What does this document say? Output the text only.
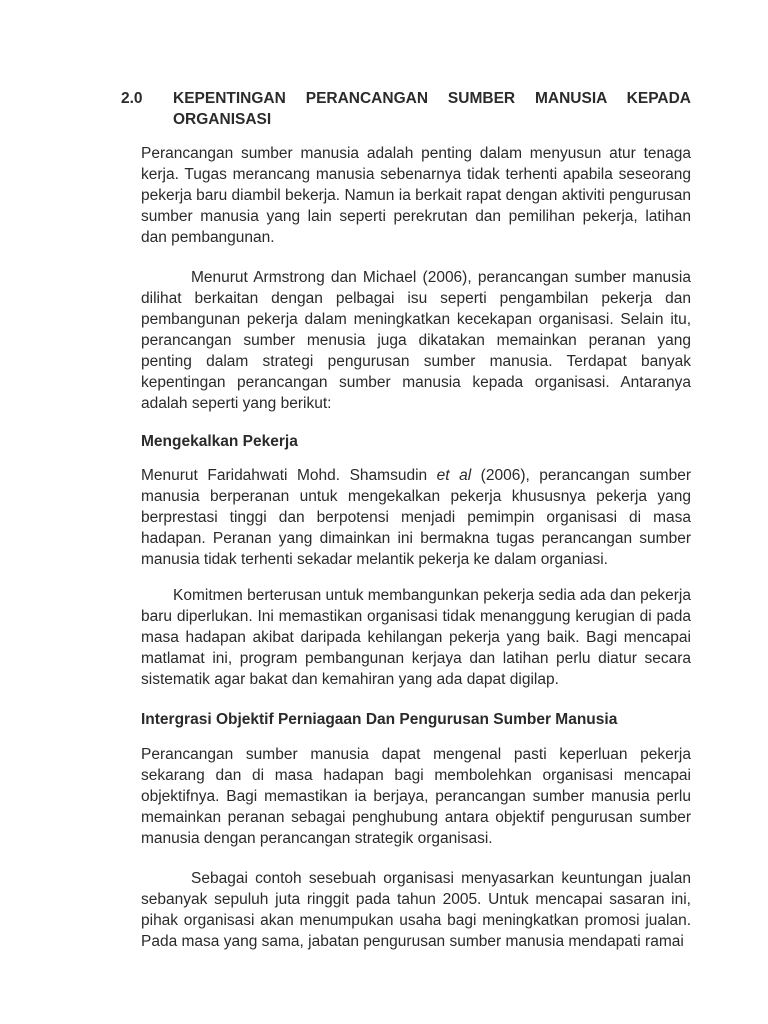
2.0 KEPENTINGAN PERANCANGAN SUMBER MANUSIA KEPADA ORGANISASI

Perancangan sumber manusia adalah penting dalam menyusun atur tenaga kerja. Tugas merancang manusia sebenarnya tidak terhenti apabila seseorang pekerja baru diambil bekerja. Namun ia berkait rapat dengan aktiviti pengurusan sumber manusia yang lain seperti perekrutan dan pemilihan pekerja, latihan dan pembangunan.

Menurut Armstrong dan Michael (2006), perancangan sumber manusia dilihat berkaitan dengan pelbagai isu seperti pengambilan pekerja dan pembangunan pekerja dalam meningkatkan kecekapan organisasi. Selain itu, perancangan sumber menusia juga dikatakan memainkan peranan yang penting dalam strategi pengurusan sumber manusia. Terdapat banyak kepentingan perancangan sumber manusia kepada organisasi. Antaranya adalah seperti yang berikut:

Mengekalkan Pekerja

Menurut Faridahwati Mohd. Shamsudin et al (2006), perancangan sumber manusia berperanan untuk mengekalkan pekerja khususnya pekerja yang berprestasi tinggi dan berpotensi menjadi pemimpin organisasi di masa hadapan. Peranan yang dimainkan ini bermakna tugas perancangan sumber manusia tidak terhenti sekadar melantik pekerja ke dalam organiasi.

Komitmen berterusan untuk membangunkan pekerja sedia ada dan pekerja baru diperlukan. Ini memastikan organisasi tidak menanggung kerugian di pada masa hadapan akibat daripada kehilangan pekerja yang baik. Bagi mencapai matlamat ini, program pembangunan kerjaya dan latihan perlu diatur secara sistematik agar bakat dan kemahiran yang ada dapat digilap.

Intergrasi Objektif Perniagaan Dan Pengurusan Sumber Manusia

Perancangan sumber manusia dapat mengenal pasti keperluan pekerja sekarang dan di masa hadapan bagi membolehkan organisasi mencapai objektifnya. Bagi memastikan ia berjaya, perancangan sumber manusia perlu memainkan peranan sebagai penghubung antara objektif pengurusan sumber manusia dengan perancangan strategik organisasi.

Sebagai contoh sesebuah organisasi menyasarkan keuntungan jualan sebanyak sepuluh juta ringgit pada tahun 2005. Untuk mencapai sasaran ini, pihak organisasi akan menumpukan usaha bagi meningkatkan promosi jualan. Pada masa yang sama, jabatan pengurusan sumber manusia mendapati ramai
